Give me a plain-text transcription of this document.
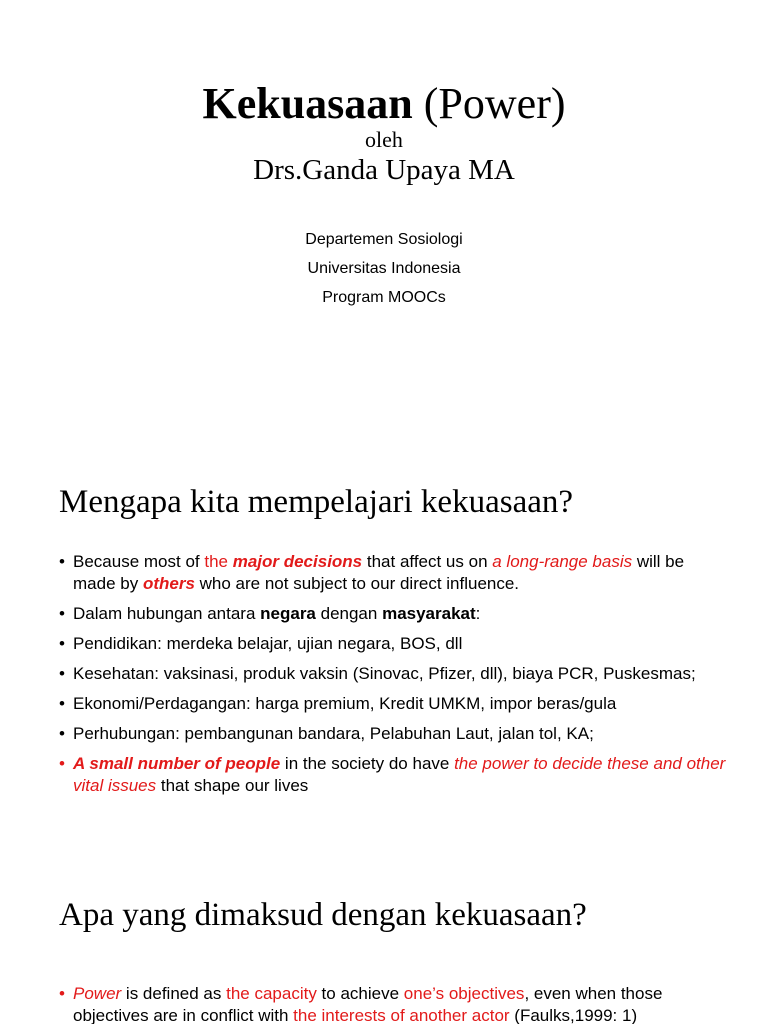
Kekuasaan (Power)
oleh
Drs.Ganda Upaya MA
Departemen Sosiologi
Universitas Indonesia
Program MOOCs
Mengapa kita mempelajari kekuasaan?
• Because most of the major decisions that affect us on a long-range basis will be made by others who are not subject to our direct influence.
• Dalam hubungan antara negara dengan masyarakat:
• Pendidikan: merdeka belajar, ujian negara, BOS, dll
• Kesehatan: vaksinasi, produk vaksin (Sinovac, Pfizer, dll), biaya PCR, Puskesmas;
• Ekonomi/Perdagangan: harga premium, Kredit UMKM, impor beras/gula
• Perhubungan: pembangunan bandara, Pelabuhan Laut, jalan tol, KA;
• A small number of people in the society do have the power to decide these and other vital issues that shape our lives
Apa yang dimaksud dengan kekuasaan?
• Power is defined as the capacity to achieve one’s objectives, even when those objectives are in conflict with the interests of another actor (Faulks,1999: 1)
